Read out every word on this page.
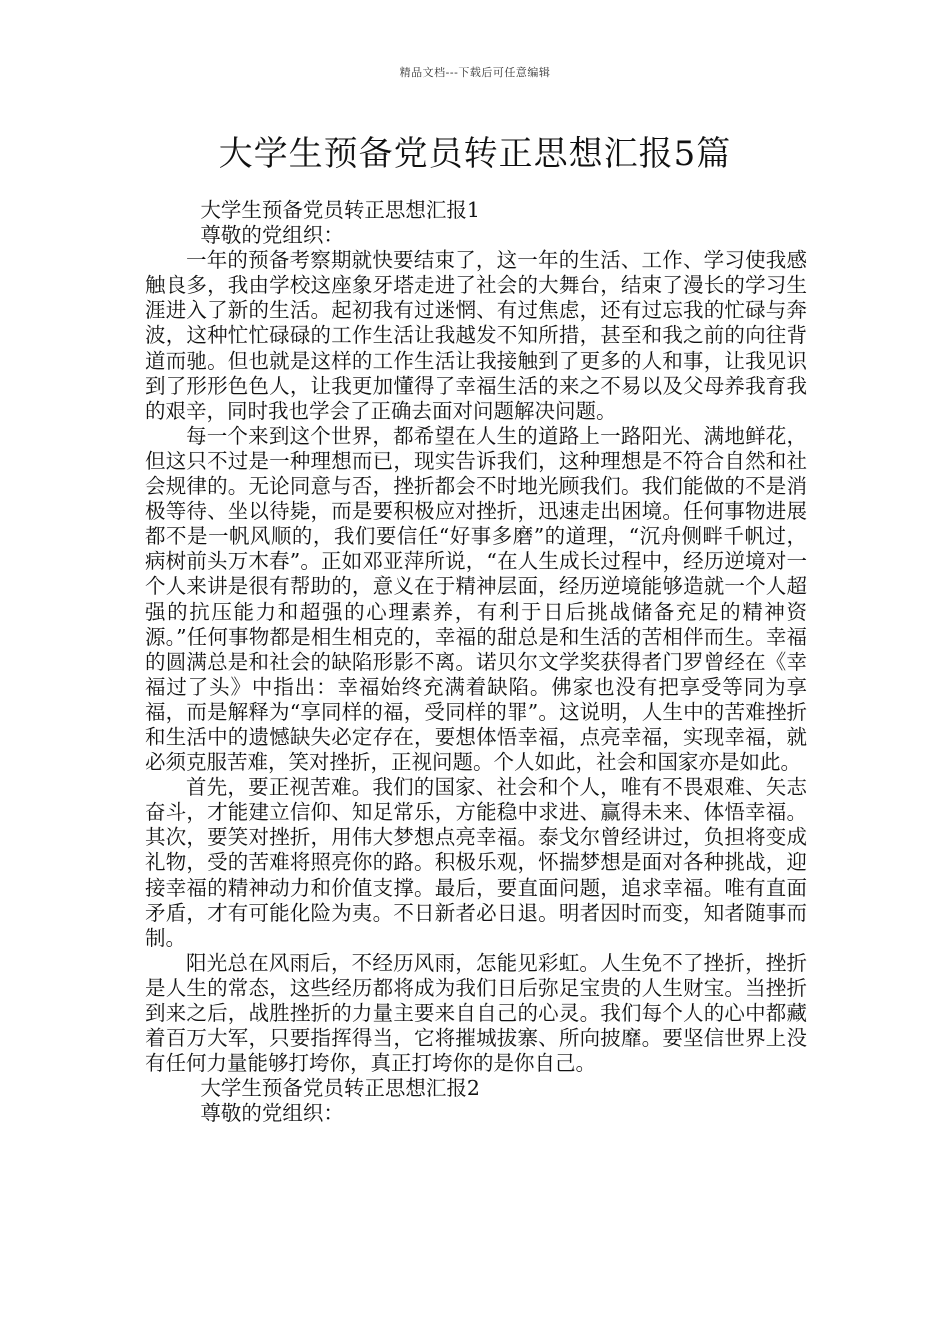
精品文档---下载后可任意编辑
大学生预备党员转正思想汇报5篇

大学生预备党员转正思想汇报1

尊敬的党组织：

一年的预备考察期就快要结束了，这一年的生活、工作、学习使我感触良多，我由学校这座象牙塔走进了社会的大舞台，结束了漫长的学习生涯进入了新的生活。起初我有过迷惘、有过焦虑，还有过忘我的忙碌与奔波，这种忙忙碌碌的工作生活让我越发不知所措，甚至和我之前的向往背道而驰。但也就是这样的工作生活让我接触到了更多的人和事，让我见识到了形形色色人，让我更加懂得了幸福生活的来之不易以及父母养我育我的艰辛，同时我也学会了正确去面对问题解决问题。

每一个来到这个世界，都希望在人生的道路上一路阳光、满地鲜花，但这只不过是一种理想而已，现实告诉我们，这种理想是不符合自然和社会规律的。无论同意与否，挫折都会不时地光顾我们。我们能做的不是消极等待、坐以待毙，而是要积极应对挫折，迅速走出困境。任何事物进展都不是一帆风顺的，我们要信任“好事多磨”的道理，“沉舟侧畔千帆过，病树前头万木春”。正如邓亚萍所说，“在人生成长过程中，经历逆境对一个人来讲是很有帮助的，意义在于精神层面，经历逆境能够造就一个人超强的抗压能力和超强的心理素养，有利于日后挑战储备充足的精神资源。”任何事物都是相生相克的，幸福的甜总是和生活的苦相伴而生。幸福的圆满总是和社会的缺陷形影不离。诺贝尔文学奖获得者门罗曾经在《幸福过了头》中指出：幸福始终充满着缺陷。佛家也没有把享受等同为享福，而是解释为“享同样的福，受同样的罪”。这说明，人生中的苦难挫折和生活中的遗憾缺失必定存在，要想体悟幸福，点亮幸福，实现幸福，就必须克服苦难，笑对挫折，正视问题。个人如此，社会和国家亦是如此。

首先，要正视苦难。我们的国家、社会和个人，唯有不畏艰难、矢志奋斗，才能建立信仰、知足常乐，方能稳中求进、赢得未来、体悟幸福。其次，要笑对挫折，用伟大梦想点亮幸福。泰戈尔曾经讲过，负担将变成礼物，受的苦难将照亮你的路。积极乐观，怀揣梦想是面对各种挑战，迎接幸福的精神动力和价值支撑。最后，要直面问题，追求幸福。唯有直面矛盾，才有可能化险为夷。不日新者必日退。明者因时而变，知者随事而制。

阳光总在风雨后，不经历风雨，怎能见彩虹。人生免不了挫折，挫折是人生的常态，这些经历都将成为我们日后弥足宝贵的人生财宝。当挫折到来之后，战胜挫折的力量主要来自自己的心灵。我们每个人的心中都藏着百万大军，只要指挥得当，它将摧城拔寨、所向披靡。要坚信世界上没有任何力量能够打垮你，真正打垮你的是你自己。

大学生预备党员转正思想汇报2

尊敬的党组织：
